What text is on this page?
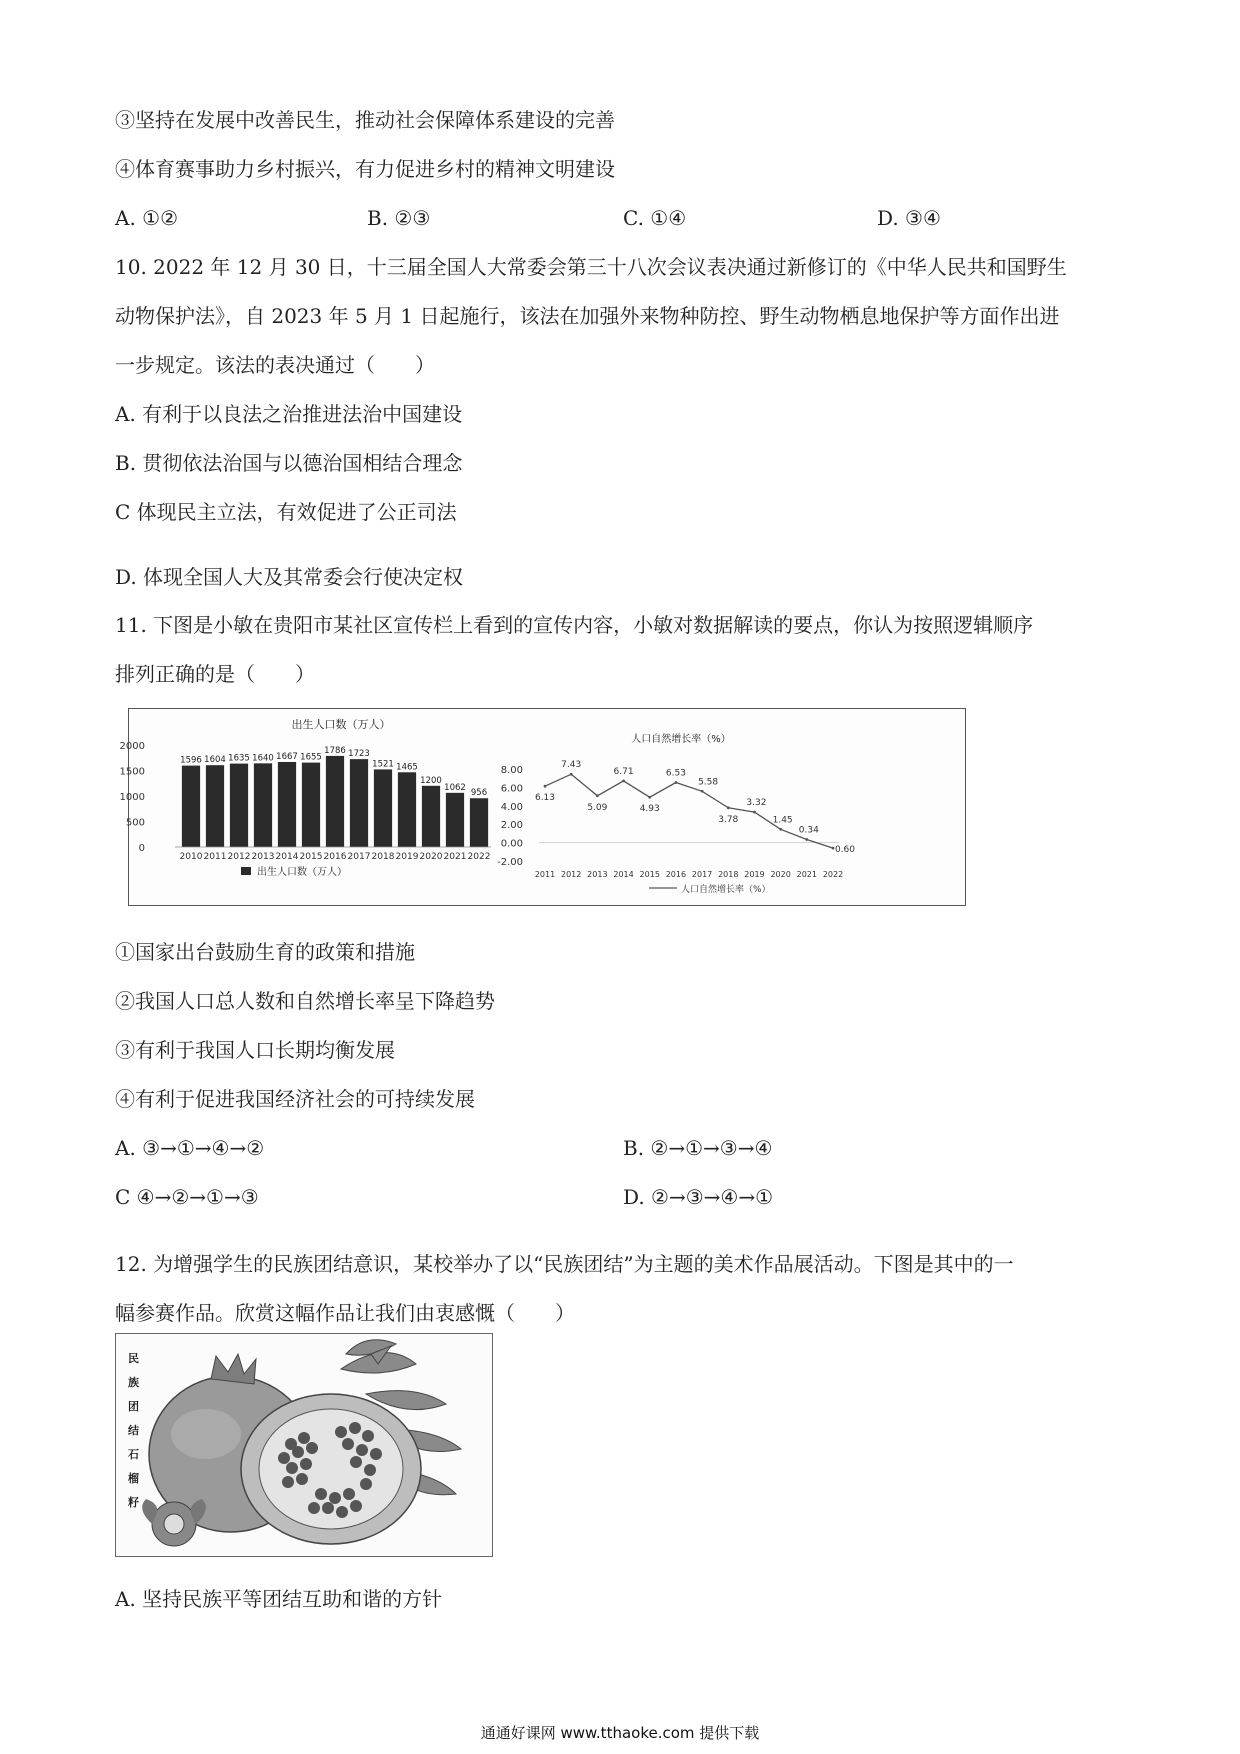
③坚持在发展中改善民生，推动社会保障体系建设的完善
④体育赛事助力乡村振兴，有力促进乡村的精神文明建设
A. ①②	B. ②③	C. ①④	D. ③④
10. 2022 年 12 月 30 日，十三届全国人大常委会第三十八次会议表决通过新修订的《中华人民共和国野生
动物保护法》，自 2023 年 5 月 1 日起施行，该法在加强外来物种防控、野生动物栖息地保护等方面作出进
一步规定。该法的表决通过（　　）
A. 有利于以良法之治推进法治中国建设
B. 贯彻依法治国与以德治国相结合理念
C 体现民主立法，有效促进了公正司法
D. 体现全国人大及其常委会行使决定权
11. 下图是小敏在贵阳市某社区宣传栏上看到的宣传内容，小敏对数据解读的要点，你认为按照逻辑顺序
排列正确的是（　　）
出生人口数（万人）
2000
1500
1000
500
0
1596
2010
1604
2011
1635
2012
1640
2013
1667
2014
1655
2015
1786
2016
1723
2017
1521
2018
1465
2019
1200
2020
1062
2021
956
2022
出生人口数（万人）
人口自然增长率（%）
8.00
6.00
4.00
2.00
0.00
-2.00
6.13
2011
7.43
2012
5.09
2013
6.71
2014
4.93
2015
6.53
2016
5.58
2017
3.78
2018
3.32
2019
1.45
2020
0.34
2021
0.60
2022
人口自然增长率（%）
①国家出台鼓励生育的政策和措施
②我国人口总人数和自然增长率呈下降趋势
③有利于我国人口长期均衡发展
④有利于促进我国经济社会的可持续发展
A. ③→①→④→②	B. ②→①→③→④
C ④→②→①→③	D. ②→③→④→①
12. 为增强学生的民族团结意识，某校举办了以“民族团结”为主题的美术作品展活动。下图是其中的一
幅参赛作品。欣赏这幅作品让我们由衷感慨（　　）
民
族
团
结
石
榴
籽
A. 坚持民族平等团结互助和谐的方针
通通好课网 www.tthaoke.com 提供下载
